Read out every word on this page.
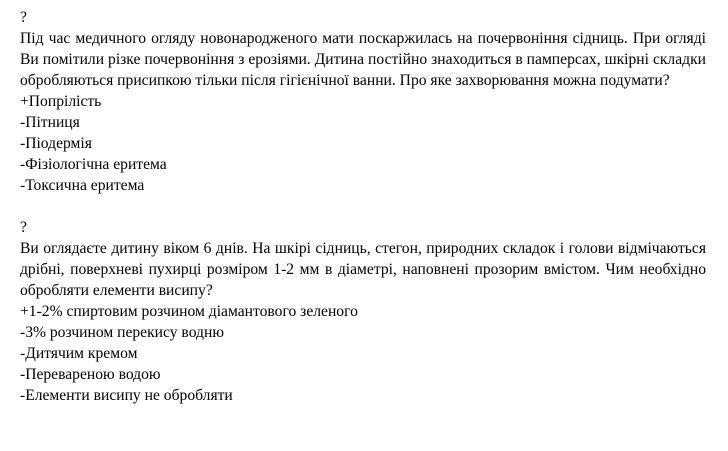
?
Під час медичного огляду новонародженого мати поскаржилась на почервоніння сідниць. При огляді Ви помітили різке почервоніння з ерозіями. Дитина постійно знаходиться в памперсах, шкірні складки обробляються присипкою тільки після гігієнічної ванни. Про яке захворювання можна подумати?
+Попрілість
-Пітниця
-Піодермія
-Фізіологічна еритема
-Токсична еритема
?
Ви оглядаєте дитину віком 6 днів. На шкірі сідниць, стегон, природних складок і голови відмічаються дрібні, поверхневі пухирці розміром 1-2 мм в діаметрі, наповнені прозорим вмістом. Чим необхідно обробляти елементи висипу?
+1-2% спиртовим розчином діамантового зеленого
-3% розчином перекису водню
-Дитячим кремом
-Перевареною водою
-Елементи висипу не обробляти
